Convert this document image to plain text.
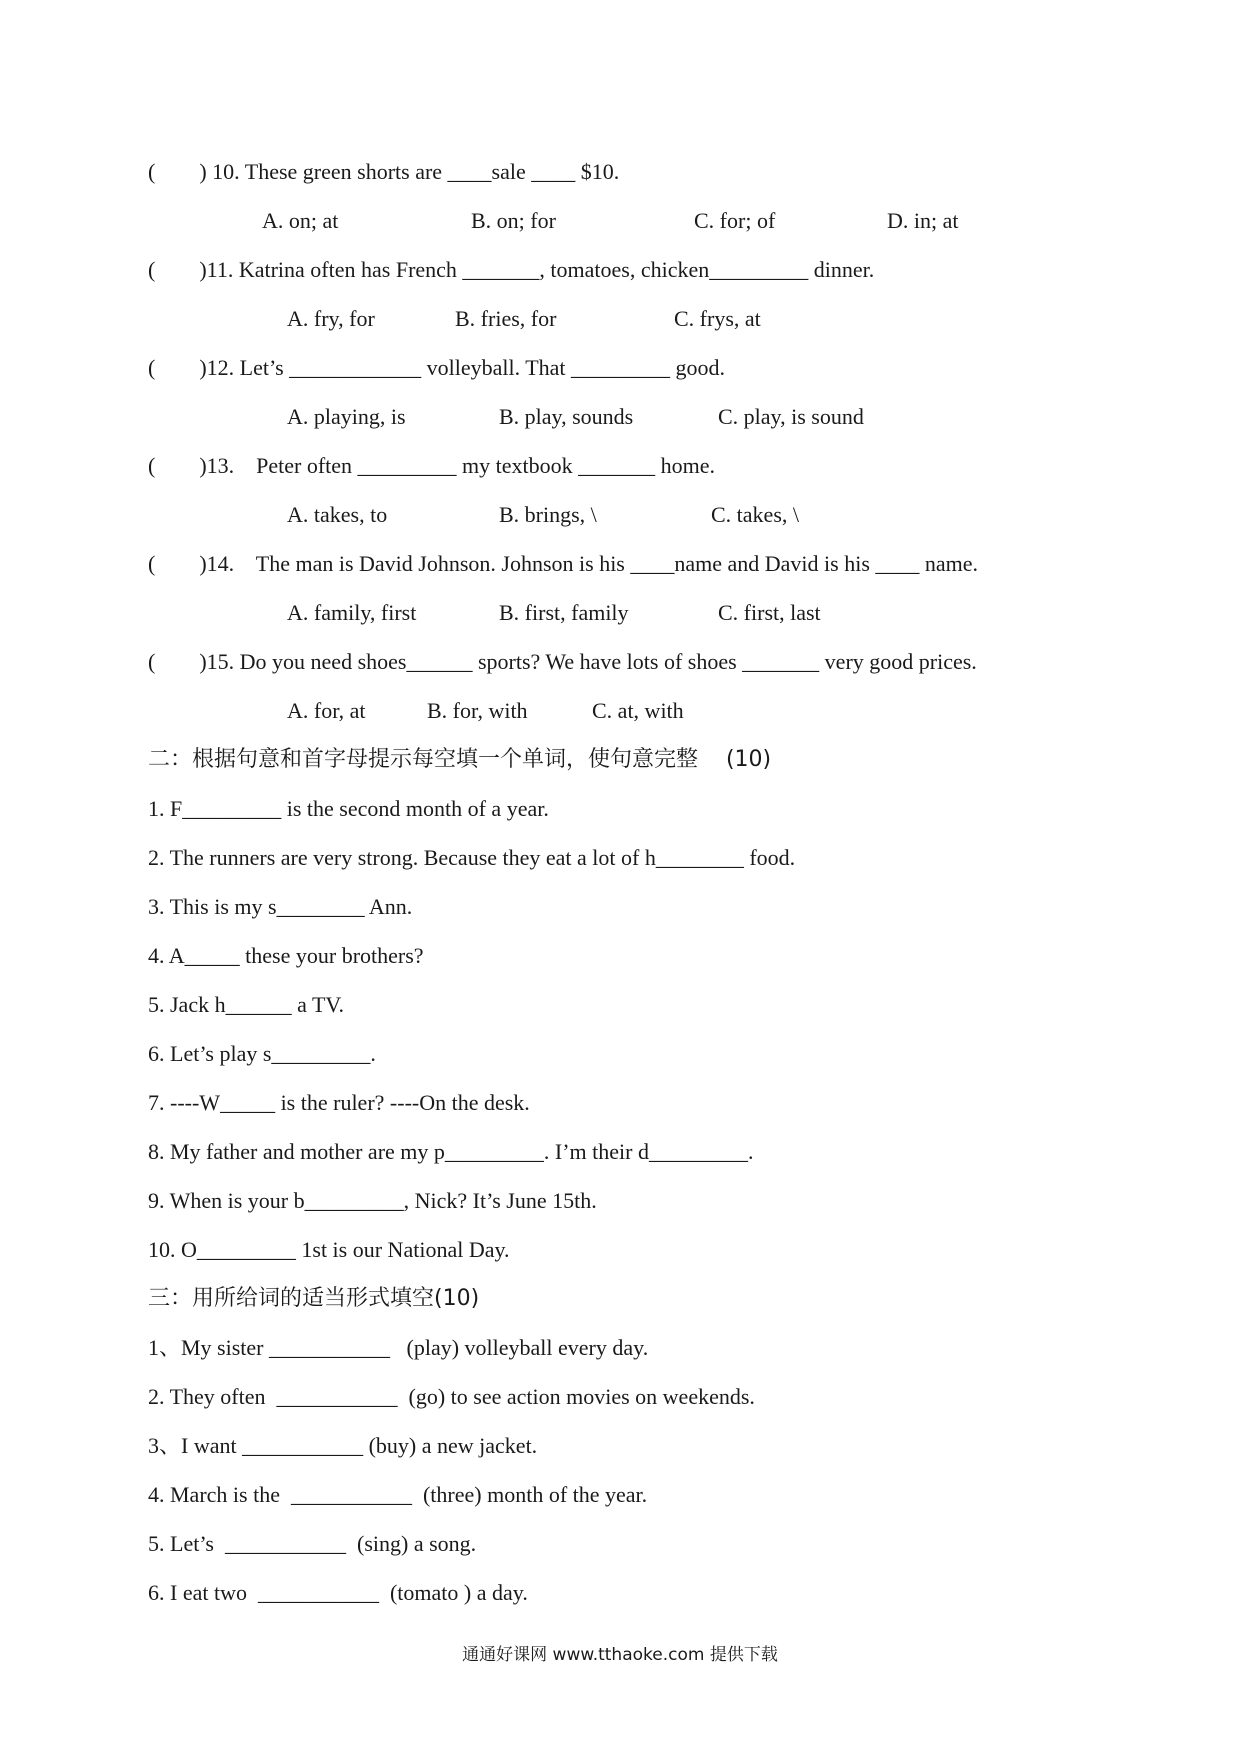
(        ) 10. These green shorts are ____sale ____ $10.
A. on; at	B. on; for	C. for; of	D. in; at
(        )11. Katrina often has French _______, tomatoes, chicken_________ dinner.
A. fry, for	B. fries, for	C. frys, at
(        )12. Let’s ____________ volleyball. That _________ good.
A. playing, is	B. play, sounds	C. play, is sound
(        )13.    Peter often _________ my textbook _______ home.
A. takes, to	B. brings, \	C. takes, \
(        )14.    The man is David Johnson. Johnson is his ____name and David is his ____ name.
A. family, first	B. first, family	C. first, last
(        )15. Do you need shoes______ sports? We have lots of shoes _______ very good prices.
A. for, at	B. for, with	C. at, with
二：根据句意和首字母提示每空填一个单词，使句意完整    (10)
1. F_________ is the second month of a year.
2. The runners are very strong. Because they eat a lot of h________ food.
3. This is my s________ Ann.
4. A_____ these your brothers?
5. Jack h______ a TV.
6. Let’s play s_________.
7. ----W_____ is the ruler? ----On the desk.
8. My father and mother are my p_________. I’m their d_________.
9. When is your b_________, Nick? It’s June 15th.
10. O_________ 1st is our National Day.
三：用所给词的适当形式填空(10)
1、My sister ___________   (play) volleyball every day.
2. They often  ___________  (go) to see action movies on weekends.
3、I want ___________ (buy) a new jacket.
4. March is the  ___________  (three) month of the year.
5. Let’s  ___________  (sing) a song.
6. I eat two  ___________  (tomato ) a day.
通通好课网 www.tthaoke.com 提供下载
